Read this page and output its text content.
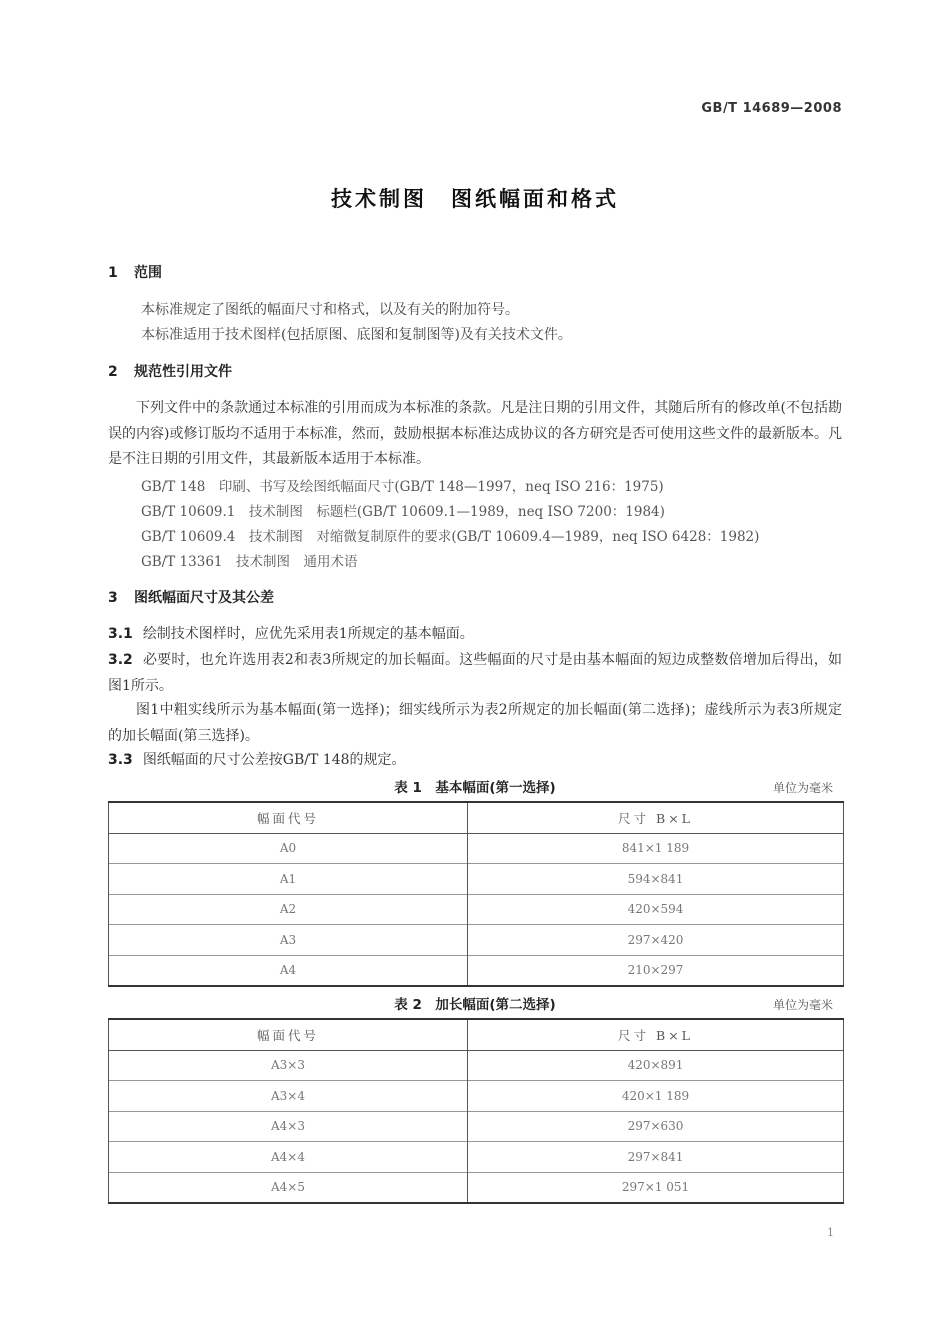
GB/T 14689—2008
技术制图　图纸幅面和格式
1 范围
本标准规定了图纸的幅面尺寸和格式，以及有关的附加符号。
本标准适用于技术图样(包括原图、底图和复制图等)及有关技术文件。
2 规范性引用文件
下列文件中的条款通过本标准的引用而成为本标准的条款。凡是注日期的引用文件，其随后所有的修改单(不包括勘误的内容)或修订版均不适用于本标准，然而，鼓励根据本标准达成协议的各方研究是否可使用这些文件的最新版本。凡是不注日期的引用文件，其最新版本适用于本标准。
GB/T 148　印刷、书写及绘图纸幅面尺寸(GB/T 148—1997，neq ISO 216：1975)
GB/T 10609.1　技术制图　标题栏(GB/T 10609.1—1989，neq ISO 7200：1984)
GB/T 10609.4　技术制图　对缩微复制原件的要求(GB/T 10609.4—1989，neq ISO 6428：1982)
GB/T 13361　技术制图　通用术语
3 图纸幅面尺寸及其公差
3.1 绘制技术图样时，应优先采用表1所规定的基本幅面。
3.2 必要时，也允许选用表2和表3所规定的加长幅面。这些幅面的尺寸是由基本幅面的短边成整数倍增加后得出，如图1所示。
图1中粗实线所示为基本幅面(第一选择)；细实线所示为表2所规定的加长幅面(第二选择)；虚线所示为表3所规定的加长幅面(第三选择)。
3.3 图纸幅面的尺寸公差按GB/T 148的规定。
表 1　基本幅面(第一选择)	单位为毫米
幅面代号	尺寸 B×L
A0	841×1 189
A1	594×841
A2	420×594
A3	297×420
A4	210×297
表 2　加长幅面(第二选择)	单位为毫米
幅面代号	尺寸 B×L
A3×3	420×891
A3×4	420×1 189
A4×3	297×630
A4×4	297×841
A4×5	297×1 051
1
